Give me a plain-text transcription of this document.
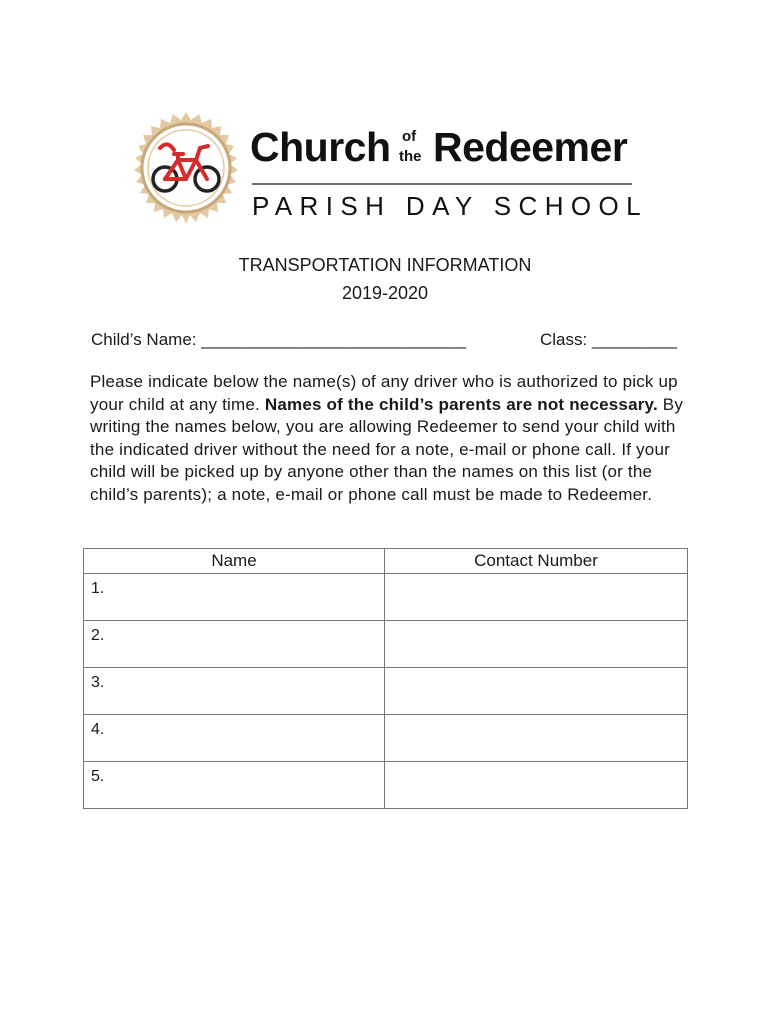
Church of
the Redeemer
PARISH DAY SCHOOL
TRANSPORTATION INFORMATION
2019-2020
Child’s Name: ____________________________	Class: _________
Please indicate below the name(s) of any driver who is authorized to pick up your child at any time. Names of the child’s parents are not necessary. By writing the names below, you are allowing Redeemer to send your child with the indicated driver without the need for a note, e-mail or phone call. If your child will be picked up by anyone other than the names on this list (or the child’s parents); a note, e-mail or phone call must be made to Redeemer.
Name	Contact Number

1.	

2.	

3.	

4.	

5.	
